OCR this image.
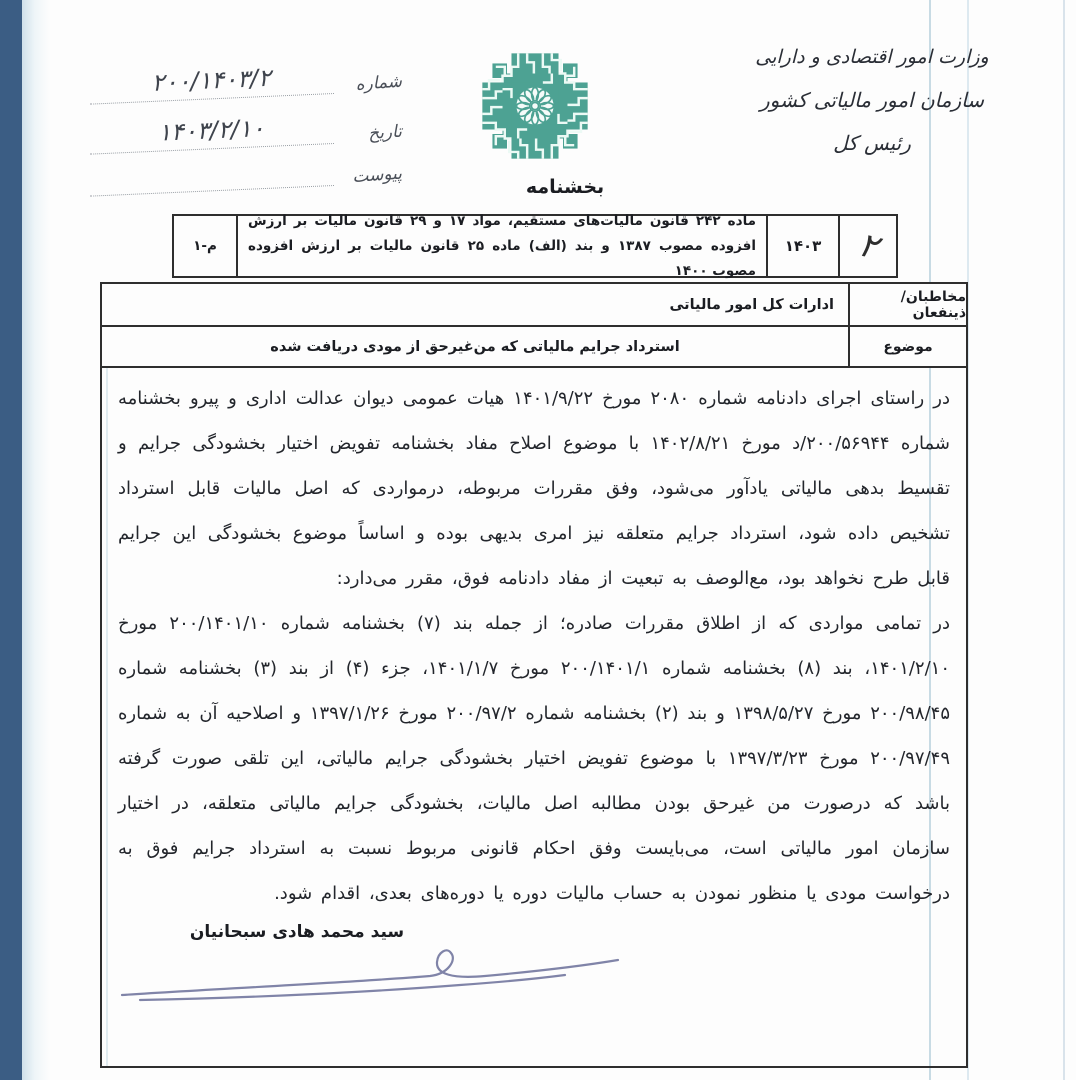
شماره
۲۰۰/۱۴۰۳/۲
تاریخ
۱۴۰۳/۲/۱۰
پیوست
وزارت امور اقتصادی و دارایی
سازمان امور مالیاتی کشور
رئیس کل
بخشنامه
۲
۱۴۰۳
ماده ۲۴۲ قانون مالیات‌های مستقیم، مواد ۱۷ و ۲۹ قانون مالیات بر ارزش افزوده مصوب ۱۳۸۷ و بند (الف) ماده ۲۵ قانون مالیات بر ارزش افزوده مصوب ۱۴۰۰
م-۱
مخاطبان/ ذینفعان
ادارات کل امور مالیاتی
موضوع
استرداد جرایم مالیاتی که من‌غیرحق از مودی دریافت شده

در راستای اجرای دادنامه شماره ۲۰۸۰ مورخ ۱۴۰۱/۹/۲۲ هیات عمومی دیوان عدالت اداری و پیرو بخشنامه شماره ۲۰۰/۵۶۹۴۴/د مورخ ۱۴۰۲/۸/۲۱ با موضوع اصلاح مفاد بخشنامه تفویض اختیار بخشودگی جرایم و تقسیط بدهی مالیاتی یادآور می‌شود، وفق مقررات مربوطه، درمواردی که اصل مالیات قابل استرداد تشخیص داده شود، استرداد جرایم متعلقه نیز امری بدیهی بوده و اساساً موضوع بخشودگی این جرایم قابل طرح نخواهد بود، مع‌الوصف به تبعیت از مفاد دادنامه فوق، مقرر می‌دارد:

در تمامی مواردی که از اطلاق مقررات صادره؛ از جمله بند (۷) بخشنامه شماره ۲۰۰/۱۴۰۱/۱۰ مورخ ۱۴۰۱/۲/۱۰، بند (۸) بخشنامه شماره ۲۰۰/۱۴۰۱/۱ مورخ ۱۴۰۱/۱/۷، جزء (۴) از بند (۳) بخشنامه شماره ۲۰۰/۹۸/۴۵ مورخ ۱۳۹۸/۵/۲۷ و بند (۲) بخشنامه شماره ۲۰۰/۹۷/۲ مورخ ۱۳۹۷/۱/۲۶ و اصلاحیه آن به شماره ۲۰۰/۹۷/۴۹ مورخ ۱۳۹۷/۳/۲۳ با موضوع تفویض اختیار بخشودگی جرایم مالیاتی، این تلقی صورت گرفته باشد که درصورت من غیرحق بودن مطالبه اصل مالیات، بخشودگی جرایم مالیاتی متعلقه، در اختیار سازمان امور مالیاتی است، می‌بایست وفق احکام قانونی مربوط نسبت به استرداد جرایم فوق به درخواست مودی یا منظور نمودن به حساب مالیات دوره یا دوره‌های بعدی، اقدام شود.

سید محمد هادی سبحانیان
